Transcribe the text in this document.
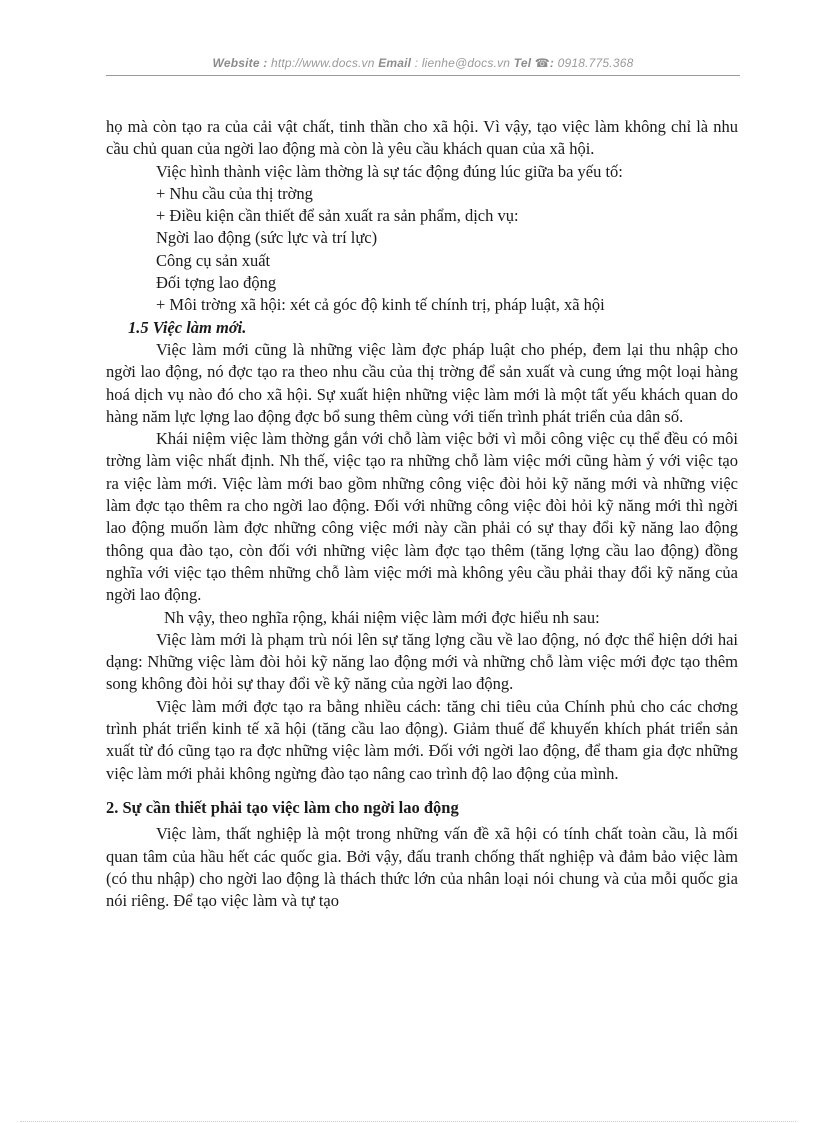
Website : http://www.docs.vn Email : lienhe@docs.vn Tel ☎: 0918.775.368

họ mà còn tạo ra của cải vật chất, tinh thần cho xã hội. Vì vậy, tạo việc làm không chỉ là nhu cầu chủ quan của ngời lao động mà còn là yêu cầu khách quan của xã hội.

Việc hình thành việc làm thờng là sự tác động đúng lúc giữa ba yếu tố:

+ Nhu cầu của thị trờng

+ Điều kiện cần thiết để sản xuất ra sản phẩm, dịch vụ:

Ngời lao động (sức lực và trí lực)

Công cụ sản xuất

Đối tợng lao động

+ Môi trờng xã hội: xét cả góc độ kinh tế chính trị, pháp luật, xã hội

1.5 Việc làm mới.

Việc làm mới cũng là những việc làm đợc pháp luật cho phép, đem lại thu nhập cho ngời lao động, nó đợc tạo ra theo nhu cầu của thị trờng để sản xuất và cung ứng một loại hàng hoá dịch vụ nào đó cho xã hội. Sự xuất hiện những việc làm mới là một tất yếu khách quan do hàng năm lực lợng lao động đợc bổ sung thêm cùng với tiến trình phát triển của dân số.

Khái niệm việc làm thờng gắn với chỗ làm việc bởi vì mỗi công việc cụ thể đều có môi trờng làm việc nhất định. Nh thế, việc tạo ra những chỗ làm việc mới cũng hàm ý với việc tạo ra việc làm mới. Việc làm mới bao gồm những công việc đòi hỏi kỹ năng mới và những việc làm đợc tạo thêm ra cho ngời lao động. Đối với những công việc đòi hỏi kỹ năng mới thì ngời lao động muốn làm đợc những công việc mới này cần phải có sự thay đổi kỹ năng lao động thông qua đào tạo, còn đối với những việc làm đợc tạo thêm (tăng lợng cầu lao động) đồng nghĩa với việc tạo thêm những chỗ làm việc mới mà không yêu cầu phải thay đổi kỹ năng của ngời lao động.

Nh vậy, theo nghĩa rộng, khái niệm việc làm mới đợc hiểu nh sau:

Việc làm mới là phạm trù nói lên sự tăng lợng cầu về lao động, nó đợc thể hiện dới hai dạng: Những việc làm đòi hỏi kỹ năng lao động mới và những chỗ làm việc mới đợc tạo thêm song không đòi hỏi sự thay đổi về kỹ năng của ngời lao động.

Việc làm mới đợc tạo ra bằng nhiều cách: tăng chi tiêu của Chính phủ cho các chơng trình phát triển kinh tế xã hội (tăng cầu lao động). Giảm thuế để khuyến khích phát triển sản xuất từ đó cũng tạo ra đợc những việc làm mới. Đối với ngời lao động, để tham gia đợc những việc làm mới phải không ngừng đào tạo nâng cao trình độ lao động của mình.

2. Sự cần thiết phải tạo việc làm cho ngời lao động

Việc làm, thất nghiệp là một trong những vấn đề xã hội có tính chất toàn cầu, là mối quan tâm của hầu hết các quốc gia. Bởi vậy, đấu tranh chống thất nghiệp và đảm bảo việc làm (có thu nhập) cho ngời lao động là thách thức lớn của nhân loại nói chung và của mỗi quốc gia nói riêng. Để tạo việc làm và tự tạo
